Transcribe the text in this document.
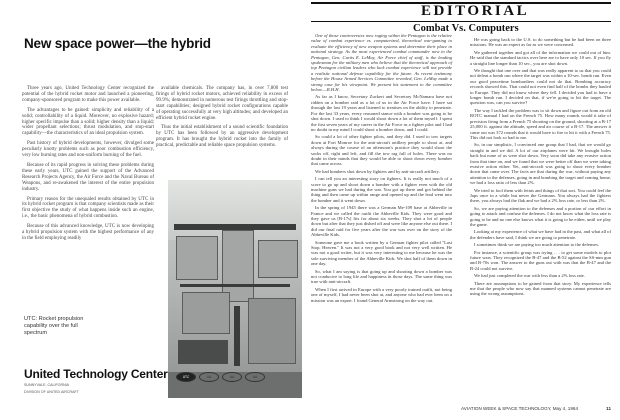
New space power—the hybrid

Three years ago, United Technology Center recognized the potential of the hybrid rocket motor and launched a pioneering, company-sponsored program to make this power available.

The advantages to be gained: simplicity and reliability of a solid; controllability of a liquid. Moreover, no explosive hazard; higher specific impulse than a solid; higher density than a liquid; wider propellant selections; thrust modulation, and stop-start capability—the characteristics of an ideal propulsion system.

Past history of hybrid developments, however, divulged some peculiarly knotty problems such as poor combustion efficiency, very low burning rates and non-uniform burning of the fuel.

Because of its rapid progress in solving these problems during these early years, UTC gained the support of the Advanced Research Projects Agency, the Air Force and the Naval Bureau of Weapons, and re-awakened the interest of the entire propulsion industry.

Primary reason for the unequaled results obtained by UTC in its hybrid rocket program is that company scientists made as their first objective the study of what happens inside such an engine, i.e., the basic phenomena of hybrid combustion.

Because of this advanced knowledge, UTC is now developing a hybrid propulsion system with the highest performance of any in the field employing readily

available chemicals. The company has, in over 7,800 test firings of hybrid rocket motors, achieved reliability in excess of 99.9%; demonstrated in numerous test firings throttling and stop-start capabilities; designed hybrid rocket configurations capable of operating successfully at very high altitudes; and developed an efficient hybrid rocket engine.

Thus the initial establishment of a sound scientific foundation by UTC has been followed by an aggressive development program. It has brought the hybrid rocket into the family of practical, predictable and reliable space propulsion systems.

UTC: Rocket propulsion capability over the full spectrum
United Technology Center
SUNNYVALE, CALIFORNIA
DIVISION OF UNITED AIRCRAFT
UTC	UA	UA	UA
EDITORIAL
Combat Vs. Computers

One of those controversies now raging within the Pentagon is the relative value of combat experience vs. computerized, theoretical war-gaming to evaluate the efficiency of new weapon systems and determine their place in national strategy. As the most experienced combat commander now in the Pentagon, Gen. Curtis E. LeMay, Air Force chief of staff, is the leading spokesman for the military men who believe that the theoretical approach of top Pentagon civilian leaders who lack combat experience will not provide a realistic national defense capability for the future. As recent testimony before the House Armed Services Committee revealed, Gen. LeMay made a strong case for his viewpoint. We present his statement to the committee below.—R.H.H.

As far as I know, Secretary Zuckert and Secretary McNamara have not ridden on a bomber raid as a lot of us in the Air Force have. I have sat through the last 19 years and listened to treatises on the ability to penetrate. For the last 33 years, every reasoned stance with a bomber was going to be shot down. I used to think I would shoot down a lot of them myself. I spent the first seven years of my career in the Air Force as a fighter pilot and I had no doubt in my mind I could shoot a bomber down, and I could.

So could a lot of other fighter pilots, and they did. I used to tow targets down at Fort Monroe for the anti-aircraft artillery people to shoot at, and always during the course of an afternoon's practice they would shoot the socks off, right and left, and fill the tow rag full of holes. There was no doubt in their minds that they would be able to shoot down every bomber that came across.

We had bombers shot down by fighters and by anti-aircraft artillery.

I can tell you an interesting story on fighters. It is really not much of a score to go up and shoot down a bomber with a fighter even with the old machine guns we had during the war. You got up there and got behind the thing and then came up within range and opened up and the lead went into the bomber and it went down.

In the spring of 1945 there was a German Me-109 base at Abbeville in France and we called the outfit the Abbeville Kids. They were good and they gave us [B-17s] fits for about six weeks. They shot a lot of people down but after that they just dished off and were like anyone else out there. I did our final raid for five years after the war was over on the story of the Abbeville Kids.

Someone gave me a book written by a German fighter pilot called "Last Stop, Heaven." It was not a very good book and not very well written. He was not a good writer, but it was very interesting to me because he was the sole surviving member of the Abbeville Kids. We shot half of them down in one day.

So, what I am saying is that going up and shooting down a bomber was not conducive to long life and happiness in those days. The same thing was true with anti-aircraft.

When I first arrived in Europe with a very poorly trained outfit, not being one of myself, I had never been shot at, and anyone who had ever been on a mission was an expert. I found General Armstrong on the way out.

He was going back to the U.S. to do something but he had been on three missions. He was an expert as far as we were concerned.

We gathered together and got all of the information we could out of him. He said that the standard tactics over here are to have only 10 sec. If you fly a straight line longer than 10 sec., you are shot down.

We thought that one over and that was really apparent to us that you could not defeat a bomb run where the target was within a 10-sec. bomb run. Even our good peacetime bombardiers could not do that. Bombing accuracy records showed this. That could not even find half of the bombs they hauled to Europe. They did not know where they fell. I decided you had to have a longer bomb run. I decided on that, if we're going to hit the target. The question was, can you survive?

The way I tackled the problem was to sit down and figure out from an old ROTC manual I had on the French 75. How many rounds would it take of precision firing from a French 75 shooting on the ground, shooting at a B-17 25,000 ft. against the altitude, speed and air course of a B-17. The answer it came out was 372 rounds that it would have to fire to hit it with a French 75. This did not look so bad to me.

So, in our simplistic, I convinced one group that I had, that we would go straight in and we did. A lot of our airplanes were hit. We brought holes back but none of us were shot down. Very soon did take any evasive action from that time on, and we found that we were better off than we were taking evasive action either. Yet, anti-aircraft was going to shoot every bomber down that came over. The facts are that during the war, without paying any attention to the defenses, going in and bombing the target and coming home, we had a loss ratio of less than 2%.

We tried to fool them with feints and things of that sort. You could feel the Japs once in a while but never the Germans. You always had the fighters there, you always had the flak and we had a 2% loss rate, or less than 2%.

So, we are paying attention to the defenses and a portion of our effort in going to attack and confuse the defenses. I do not know what the loss rate is going to be and no one else knows what it is going to be either, until we play the game.

Looking at my experience of what we have had in the past, and what all of the defenders have said, I think we are going to penetrate.

I sometimes think we are paying too much attention to the defenses.

For instance, a scientific group was trying . . . to get some models to plot future wars. They recognized the B-47 and the B-52 against the SS-mm gun and B-70s won. The answer to the guns out with was that the B-47 and the B-24 could not survive.

We had just completed the war with less than a 2% loss rate.

There are assumptions to be gained from that story. My experience tells me that the people who now say that manned systems cannot penetrate are using the wrong assumptions.

AVIATION WEEK & SPACE TECHNOLOGY, May 4, 1964	11
